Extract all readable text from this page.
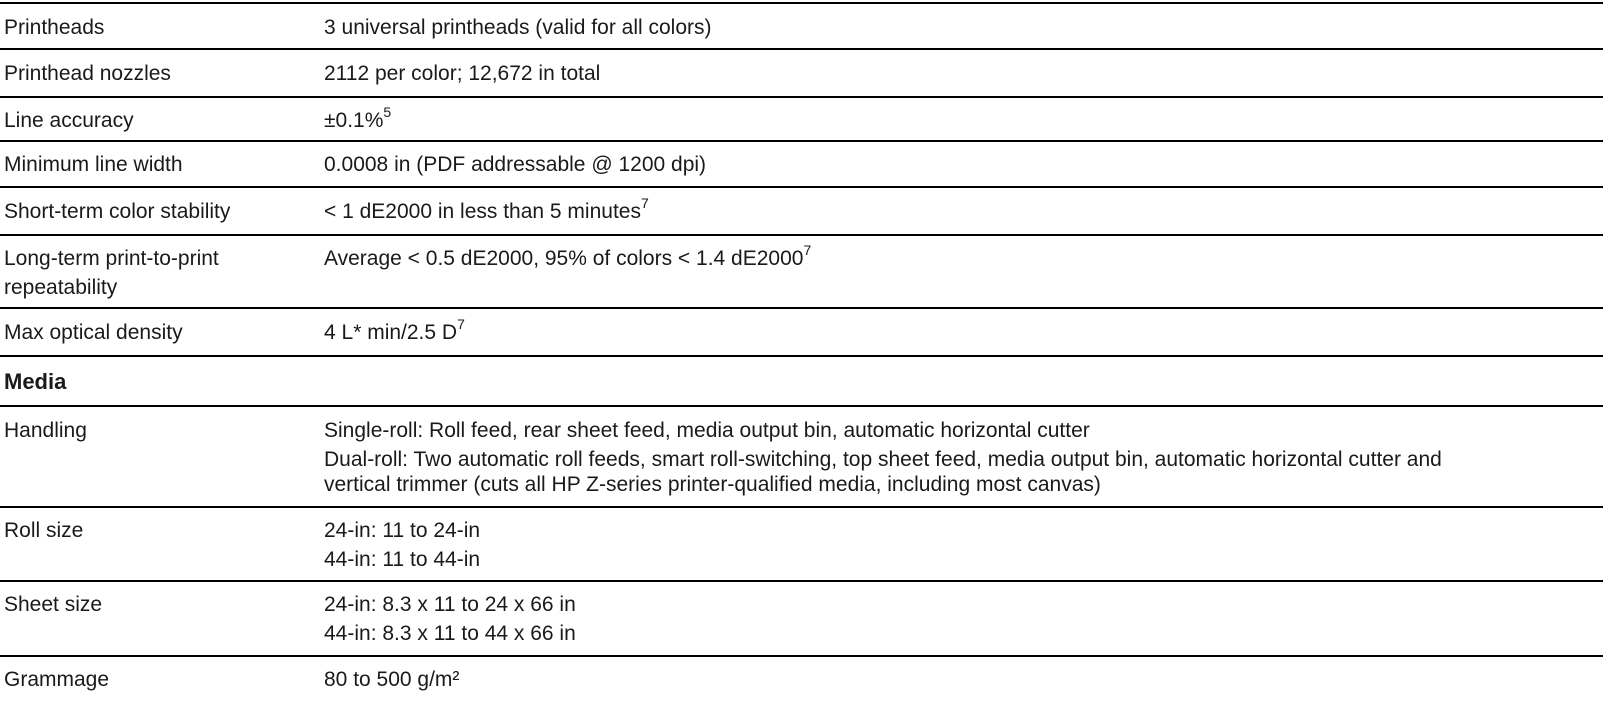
Printheads	3 universal printheads (valid for all colors)
Printhead nozzles	2112 per color; 12,672 in total
Line accuracy	±0.1%$^5$
Minimum line width	0.0008 in (PDF addressable @ 1200 dpi)
Short-term color stability	< 1 dE2000 in less than 5 minutes$^7$

Long-term print-to-print
repeatability	Average < 0.5 dE2000, 95% of colors < 1.4 dE2000$^7$
Max optical density	4 L* min/2.5 $D^7$
Media	
Handling	Single-roll: Roll feed, rear sheet feed, media output bin, automatic horizontal cutter
Dual-roll: Two automatic roll feeds, smart roll-switching, top sheet feed, media output bin, automatic horizontal cutter and
vertical trimmer (cuts all HP Z-series printer-qualified media, including most canvas)

Roll size	24-in: 11 to 24-in
44-in: 11 to 44-in

Sheet size	24-in: 8.3 x 11 to 24 x 66 in
44-in: 8.3 x 11 to 44 x 66 in

Grammage	80 to 500 g/m²
